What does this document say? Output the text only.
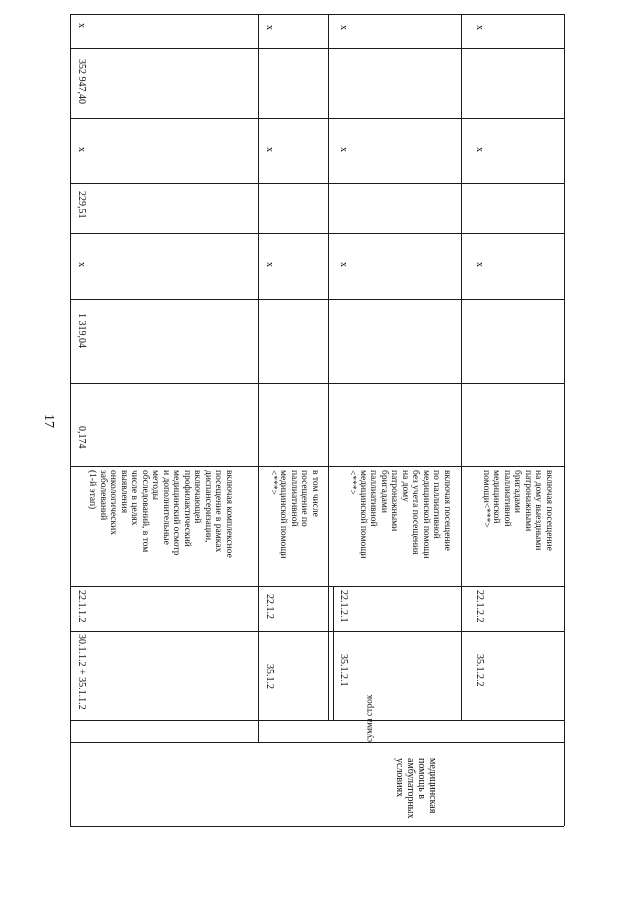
17
сумма строк
медицинская
помощь в
амбулаторных
условиях
30.1.1.2 + 35.1.1.2
22.1.1.2
включая комплексное
посещение в рамках
диспансеризации,
включающей
профилактический
медицинский осмотр
и дополнительные
методы
обследований, в том
числе в целях
выявления
онкологических
заболеваний
(1-й этап)
0,174
1 319,04
x
229,51
x
352 947,40
x
35.1.2
22.1.2
в том числе
посещение по
паллиативной
медицинской помощи
<***>
x
x
x
35.1.2.1
22.1.2.1
включая посещение
по паллиативной
медицинской помощи
без учета посещения
на дому
патронажными
бригадами
паллиативной
медицинской помощи
<***>
x
x
x
35.1.2.2
22.1.2.2
включая посещение
на дому выездными
патронажными
бригадами
паллиативной
медицинской
помощи<***>
x
x
x
